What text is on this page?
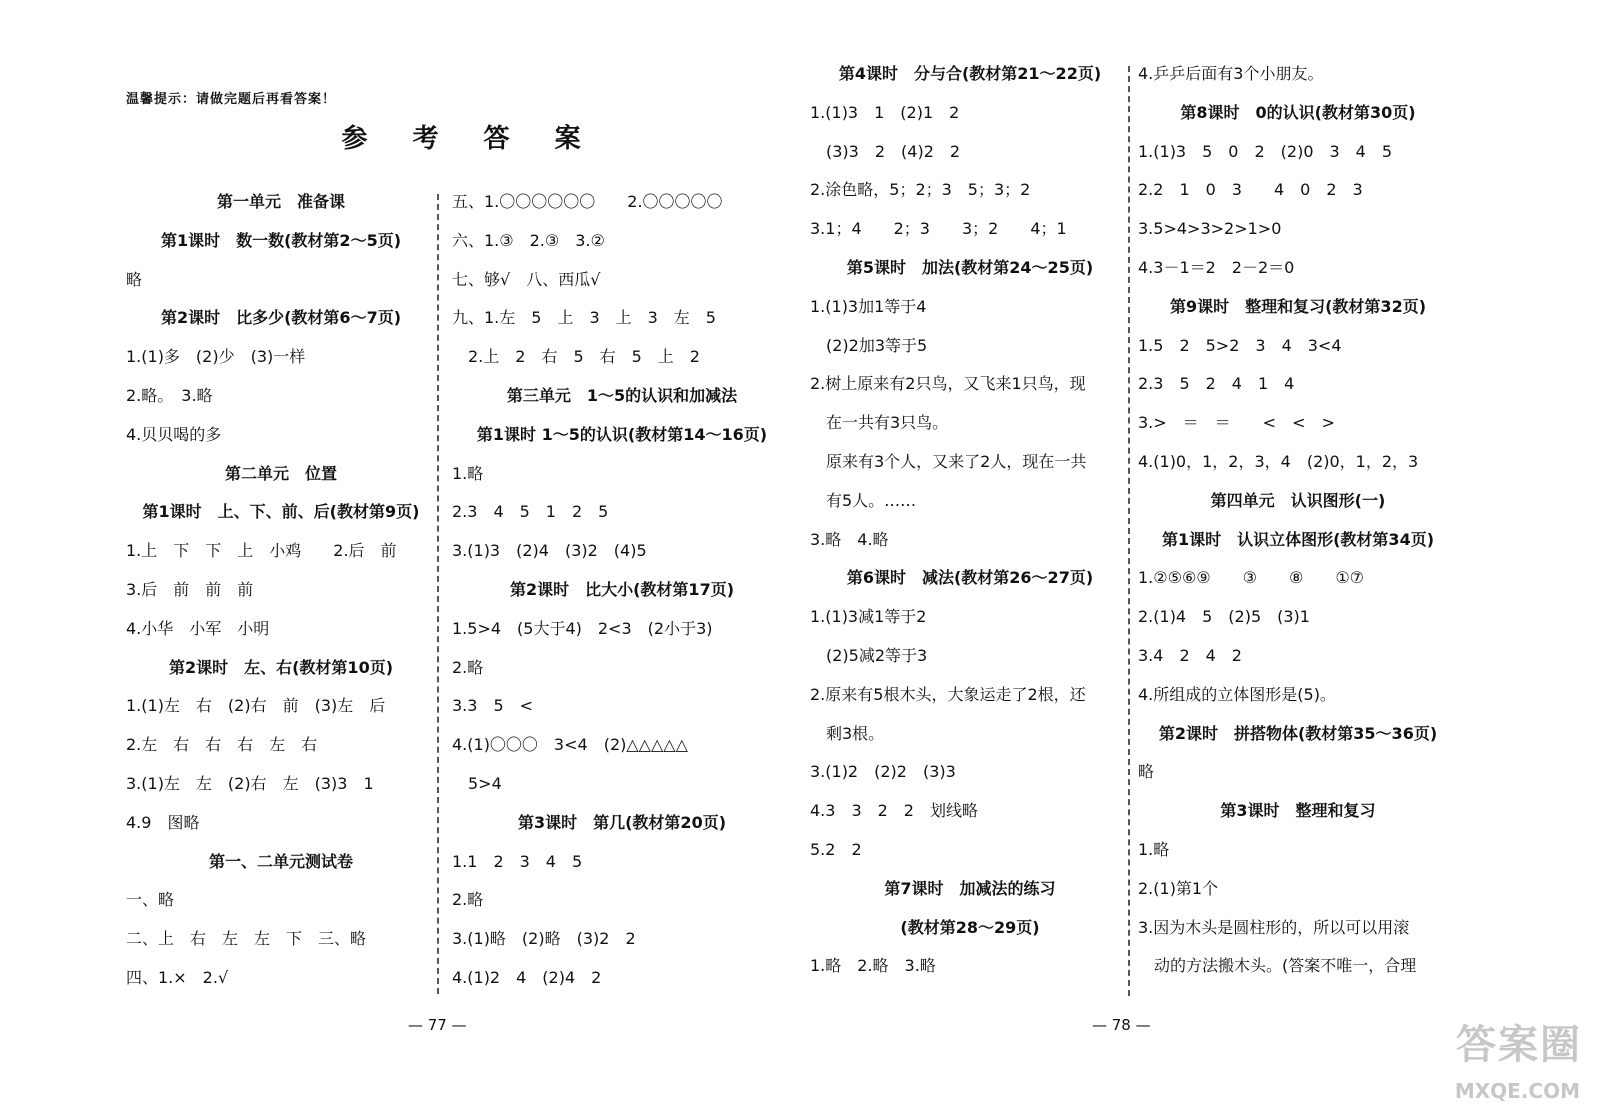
温馨提示：请做完题后再看答案！
参 考 答 案
第一单元　准备课
第1课时　数一数(教材第2～5页)
略
第2课时　比多少(教材第6～7页)
1.(1)多　(2)少　(3)一样
2.略。　3.略
4.贝贝喝的多
第二单元　位置
第1课时　上、下、前、后(教材第9页)
1.上　下　下　上　小鸡　　2.后　前
3.后　前　前　前
4.小华　小军　小明
第2课时　左、右(教材第10页)
1.(1)左　右　(2)右　前　(3)左　后
2.左　右　右　右　左　右
3.(1)左　左　(2)右　左　(3)3　1
4.9　图略
第一、二单元测试卷
一、略
二、上　右　左　左　下　三、略
四、1.×　2.√
五、1.〇〇〇〇〇〇　　2.〇〇〇〇〇
六、1.③　2.③　3.②
七、够√　八、西瓜√
九、1.左　5　上　3　上　3　左　5
　2.上　2　右　5　右　5　上　2
第三单元　1～5的认识和加减法
第1课时 1～5的认识(教材第14～16页)
1.略
2.3　4　5　1　2　5
3.(1)3　(2)4　(3)2　(4)5
第2课时　比大小(教材第17页)
1.5>4　(5大于4)　2<3　(2小于3)
2.略
3.3　5　<
4.(1)〇〇〇　3<4　(2)△△△△△
　5>4
第3课时　第几(教材第20页)
1.1　2　3　4　5
2.略
3.(1)略　(2)略　(3)2　2
4.(1)2　4　(2)4　2
第4课时　分与合(教材第21～22页)
1.(1)3　1　(2)1　2
　(3)3　2　(4)2　2
2.涂色略，5；2；3　5；3；2
3.1；4　　2；3　　3；2　　4；1
第5课时　加法(教材第24～25页)
1.(1)3加1等于4
　(2)2加3等于5
2.树上原来有2只鸟，又飞来1只鸟，现
　在一共有3只鸟。
　原来有3个人，又来了2人，现在一共
　有5人。……
3.略　4.略
第6课时　减法(教材第26～27页)
1.(1)3减1等于2
　(2)5减2等于3
2.原来有5根木头，大象运走了2根，还
　剩3根。
3.(1)2　(2)2　(3)3
4.3　3　2　2　划线略
5.2　2
第7课时　加减法的练习
(教材第28～29页)
1.略　2.略　3.略
4.乒乒后面有3个小朋友。
第8课时　0的认识(教材第30页)
1.(1)3　5　0　2　(2)0　3　4　5
2.2　1　0　3　　4　0　2　3
3.5>4>3>2>1>0
4.3－1＝2　2－2＝0
第9课时　整理和复习(教材第32页)
1.5　2　5>2　3　4　3<4
2.3　5　2　4　1　4
3.>　＝　＝　　<　<　>
4.(1)0，1，2，3，4　(2)0，1，2，3
第四单元　认识图形(一)
第1课时　认识立体图形(教材第34页)
1.②⑤⑥⑨　　③　　⑧　　①⑦
2.(1)4　5　(2)5　(3)1
3.4　2　4　2
4.所组成的立体图形是(5)。
第2课时　拼搭物体(教材第35～36页)
略
第3课时　整理和复习
1.略
2.(1)第1个
3.因为木头是圆柱形的，所以可以用滚
　动的方法搬木头。(答案不唯一，合理
— 77 —	— 78 —	答案圈
MXQE.COM
